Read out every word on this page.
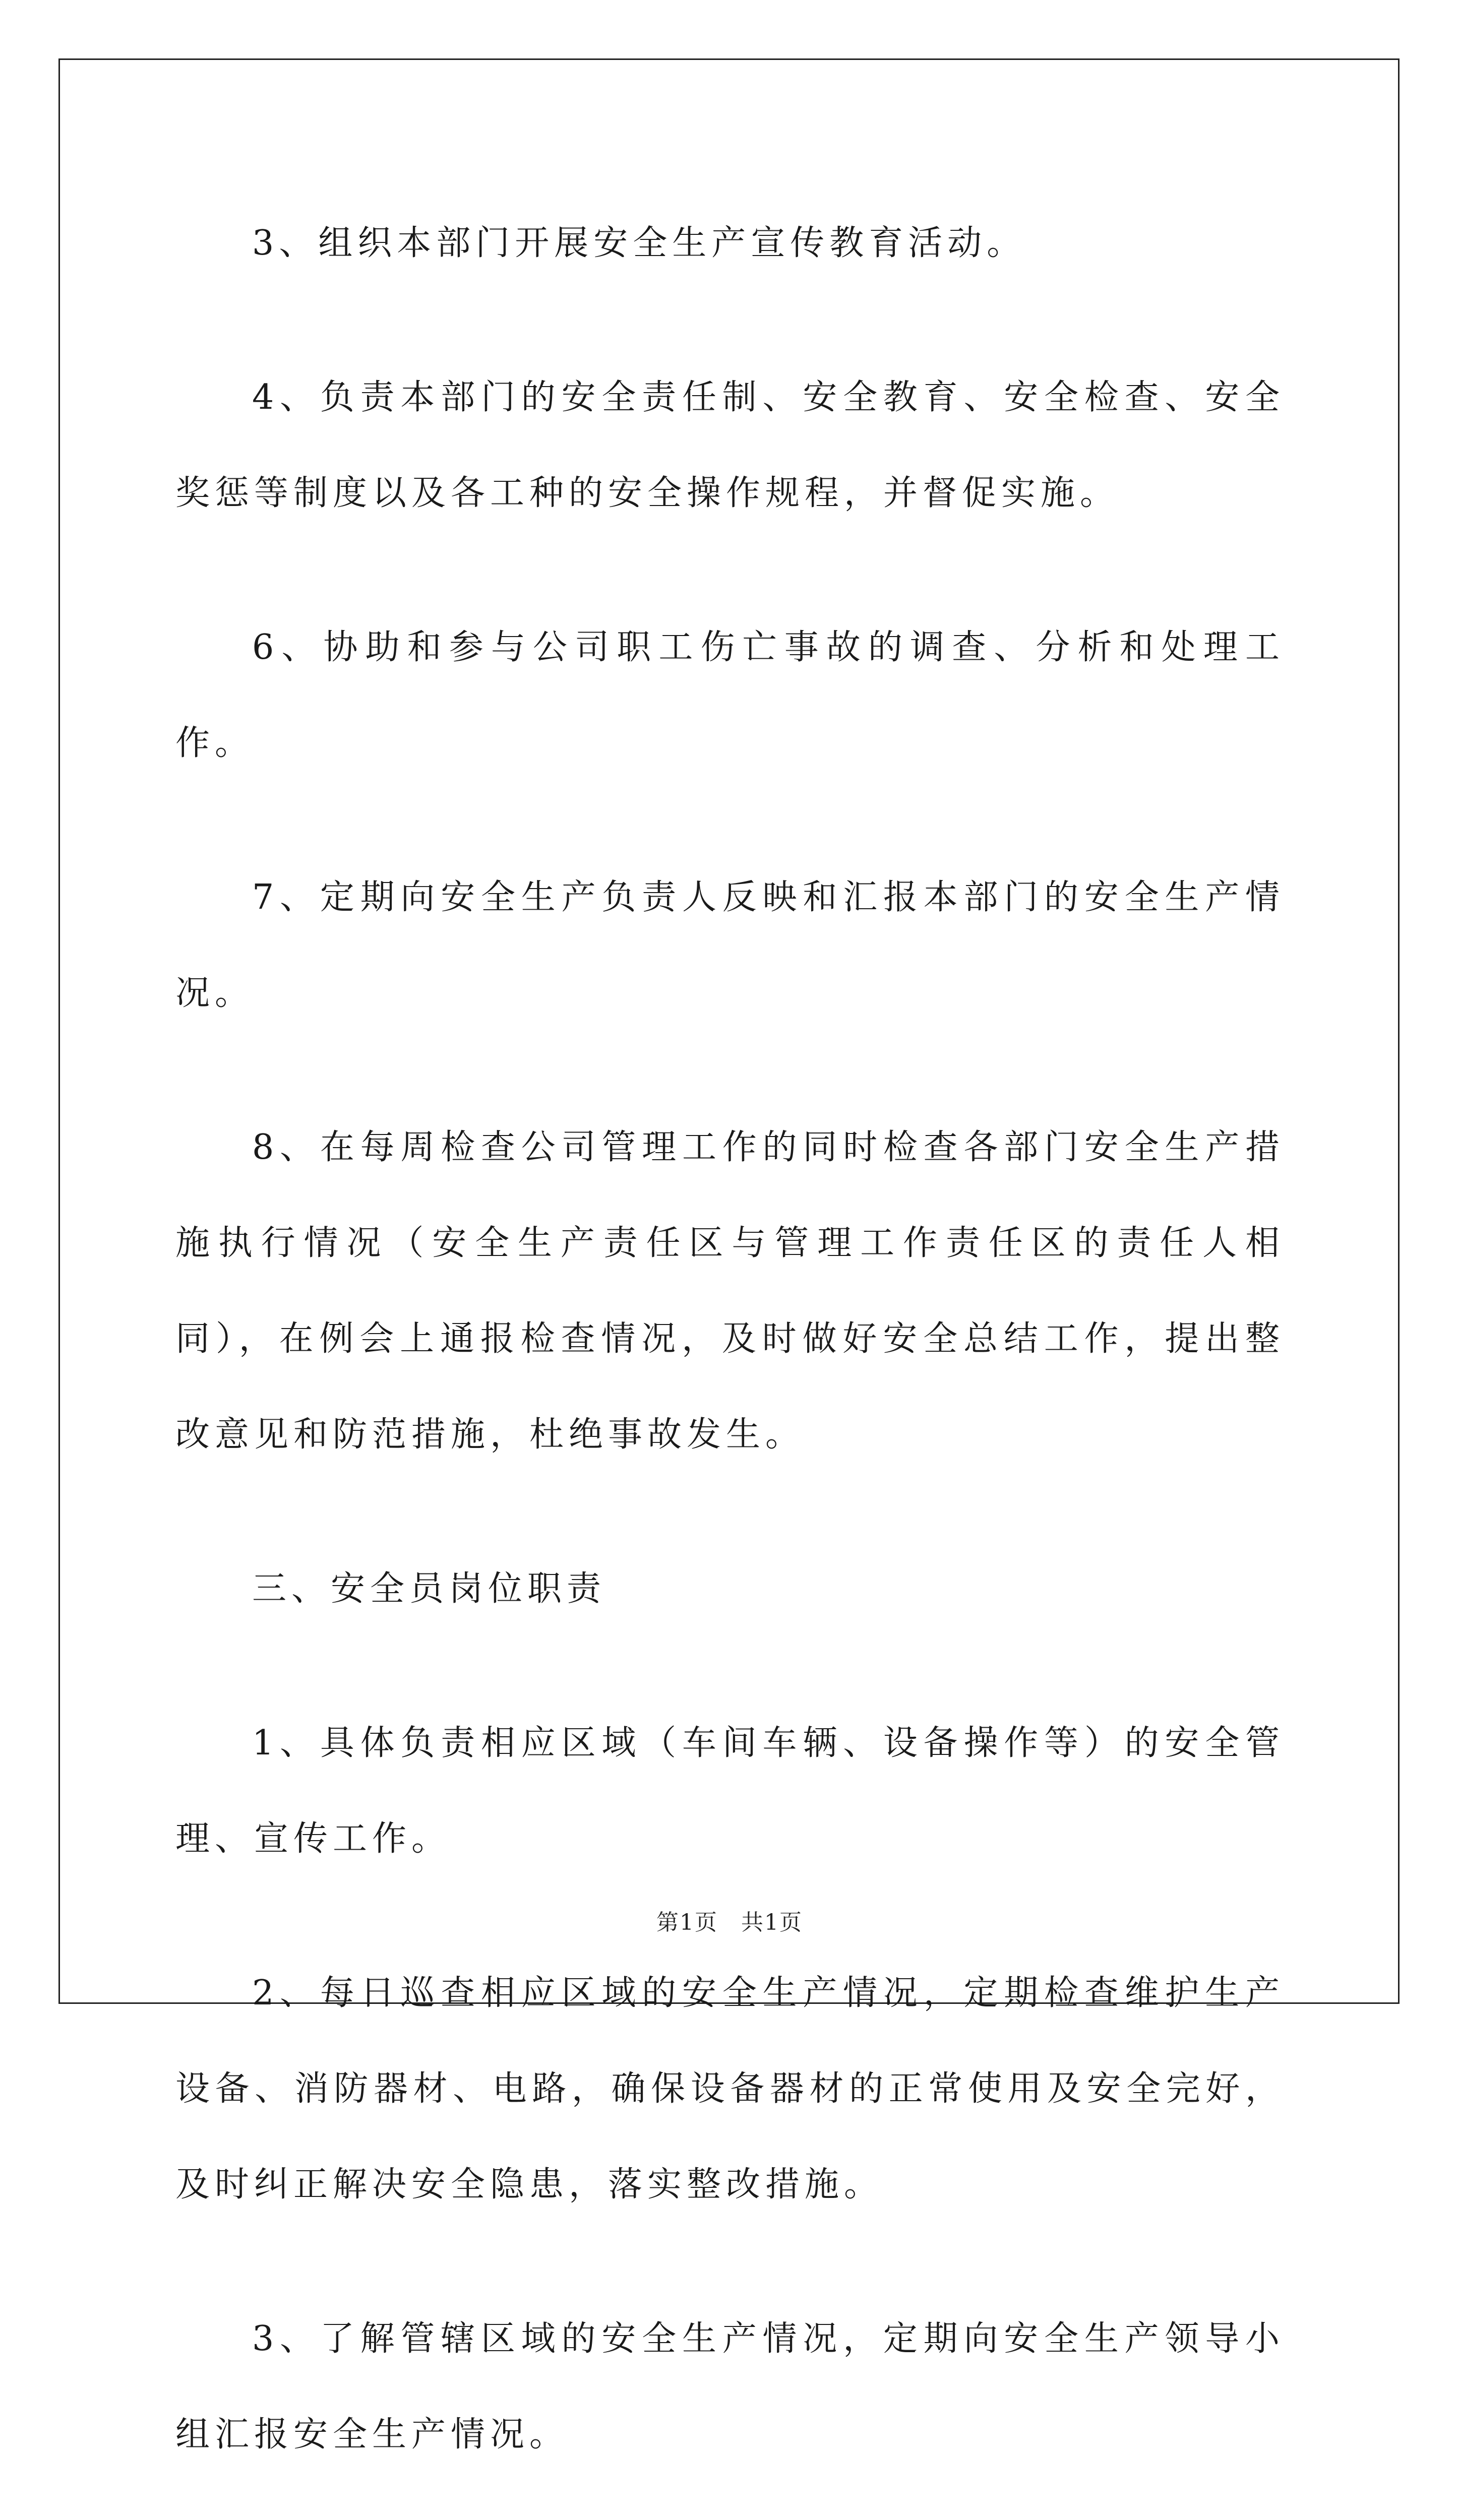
3、组织本部门开展安全生产宣传教育活动。

4、负责本部门的安全责任制、安全教育、安全检查、安全奖惩等制度以及各工种的安全操作规程，并督促实施。

6、协助和参与公司职工伤亡事故的调查、分析和处理工作。

7、定期向安全生产负责人反映和汇报本部门的安全生产情况。

8、在每周检查公司管理工作的同时检查各部门安全生产措施执行情况（安全生产责任区与管理工作责任区的责任人相同），在例会上通报检查情况，及时做好安全总结工作，提出整改意见和防范措施，杜绝事故发生。

三、安全员岗位职责

1、具体负责相应区域（车间车辆、设备操作等）的安全管理、宣传工作。

2、每日巡查相应区域的安全生产情况，定期检查维护生产设备、消防器材、电路，确保设备器材的正常使用及安全完好，及时纠正解决安全隐患，落实整改措施。

3、了解管辖区域的安全生产情况，定期向安全生产领导小组汇报安全生产情况。

第1页　共1页
